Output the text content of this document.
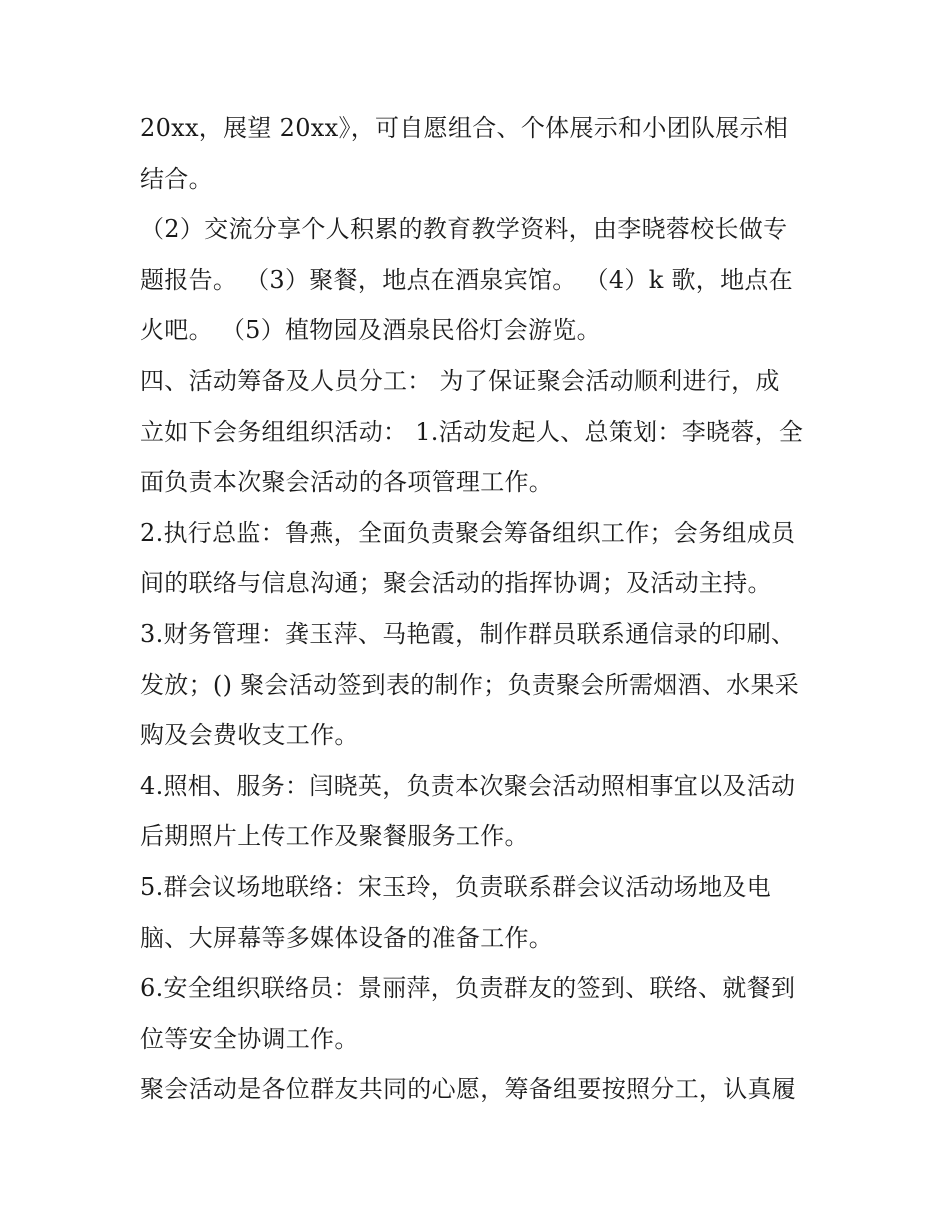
20xx，展望 20xx》，可自愿组合、个体展示和小团队展示相
结合。
（2）交流分享个人积累的教育教学资料，由李晓蓉校长做专
题报告。 （3）聚餐，地点在酒泉宾馆。 （4）k 歌，地点在
火吧。 （5）植物园及酒泉民俗灯会游览。
四、活动筹备及人员分工： 为了保证聚会活动顺利进行，成
立如下会务组组织活动： 1.活动发起人、总策划：李晓蓉，全
面负责本次聚会活动的各项管理工作。
2.执行总监：鲁燕，全面负责聚会筹备组织工作；会务组成员
间的联络与信息沟通；聚会活动的指挥协调；及活动主持。
3.财务管理：龚玉萍、马艳霞，制作群员联系通信录的印刷、
发放；() 聚会活动签到表的制作；负责聚会所需烟酒、水果采
购及会费收支工作。
4.照相、服务：闫晓英，负责本次聚会活动照相事宜以及活动
后期照片上传工作及聚餐服务工作。
5.群会议场地联络：宋玉玲，负责联系群会议活动场地及电
脑、大屏幕等多媒体设备的准备工作。
6.安全组织联络员：景丽萍，负责群友的签到、联络、就餐到
位等安全协调工作。
聚会活动是各位群友共同的心愿，筹备组要按照分工，认真履
